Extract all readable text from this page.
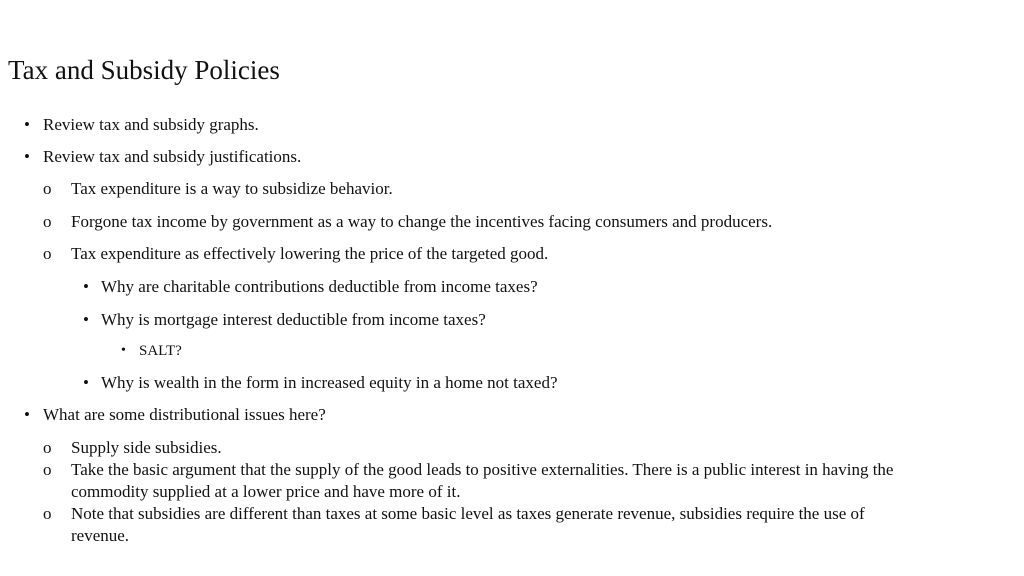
Tax and Subsidy Policies
• Review tax and subsidy graphs.
• Review tax and subsidy justifications.
o Tax expenditure is a way to subsidize behavior.
o Forgone tax income by government as a way to change the incentives facing consumers and producers.
o Tax expenditure as effectively lowering the price of the targeted good.
• Why are charitable contributions deductible from income taxes?
• Why is mortgage interest deductible from income taxes?
• SALT?
• Why is wealth in the form in increased equity in a home not taxed?
• What are some distributional issues here?
o Supply side subsidies.
o Take the basic argument that the supply of the good leads to positive externalities. There is a public interest in having the
commodity supplied at a lower price and have more of it.
o Note that subsidies are different than taxes at some basic level as taxes generate revenue, subsidies require the use of
revenue.
